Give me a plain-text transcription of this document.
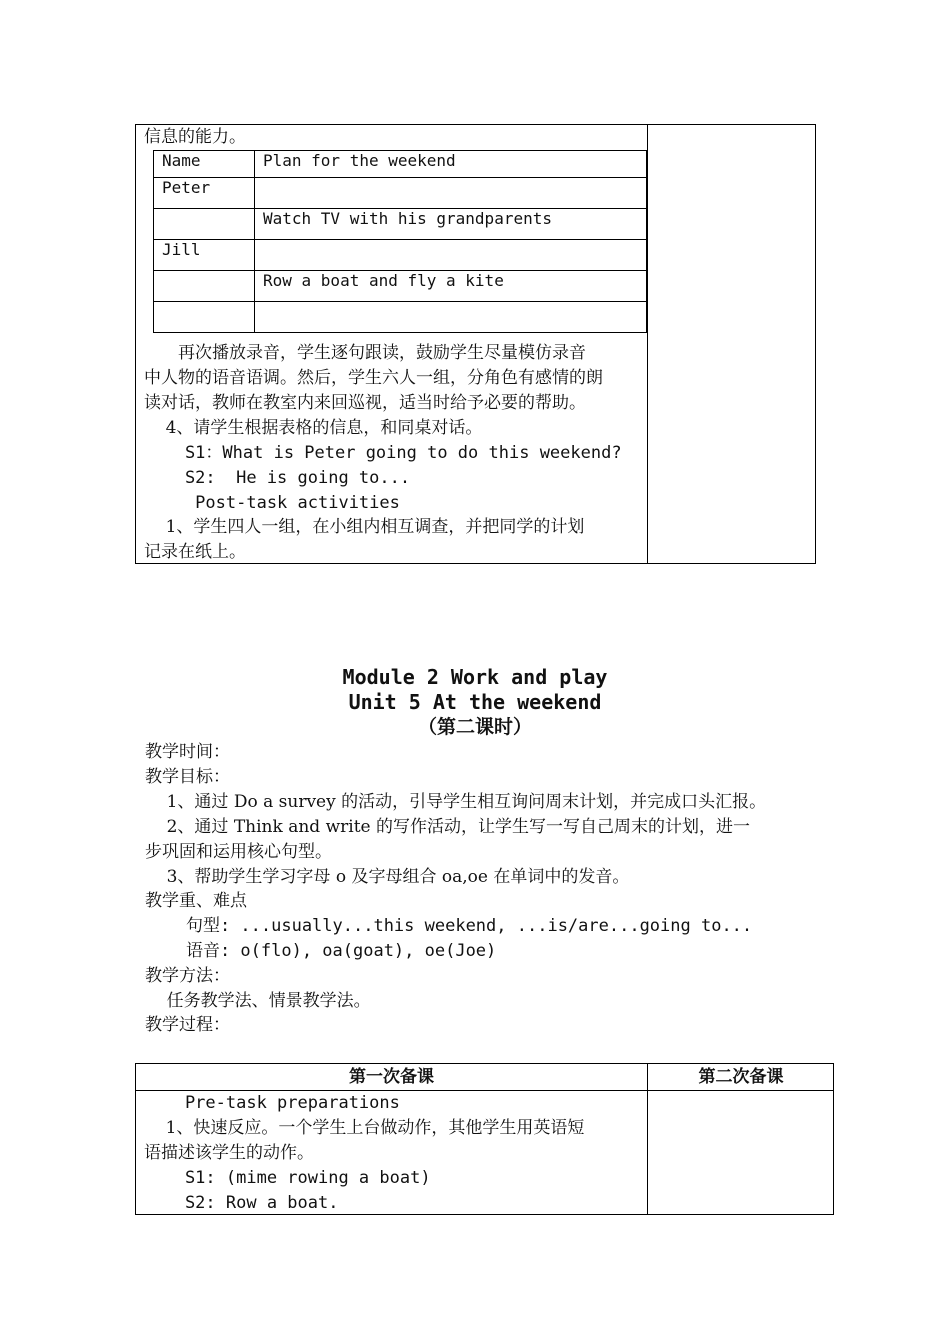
信息的能力。
Name	Plan for the weekend
Peter	
	Watch TV with his grandparents
Jill	
	Row a boat and fly a kite

　　再次播放录音，学生逐句跟读，鼓励学生尽量模仿录音
中人物的语音语调。然后，学生六人一组，分角色有感情的朗
读对话，教师在教室内来回巡视，适当时给予必要的帮助。
4、请学生根据表格的信息，和同桌对话。
S1：What is Peter going to do this weekend?
S2:  He is going to...
Post-task activities
1、学生四人一组，在小组内相互调查，并把同学的计划
记录在纸上。
Module 2 Work and play
Unit 5 At the weekend
（第二课时）
教学时间：
教学目标：
1、通过 Do a survey 的活动，引导学生相互询问周末计划，并完成口头汇报。
2、通过 Think and write 的写作活动，让学生写一写自己周末的计划，进一
步巩固和运用核心句型。
3、帮助学生学习字母 o 及字母组合 oa,oe 在单词中的发音。
教学重、难点
句型: ...usually...this weekend, ...is/are...going to...
语音: o(flo), oa(goat), oe(Joe)
教学方法：
任务教学法、情景教学法。
教学过程：
第一次备课	第二次备课
Pre-task preparations
1、快速反应。一个学生上台做动作，其他学生用英语短
语描述该学生的动作。
S1: (mime rowing a boat)
S2: Row a boat.
